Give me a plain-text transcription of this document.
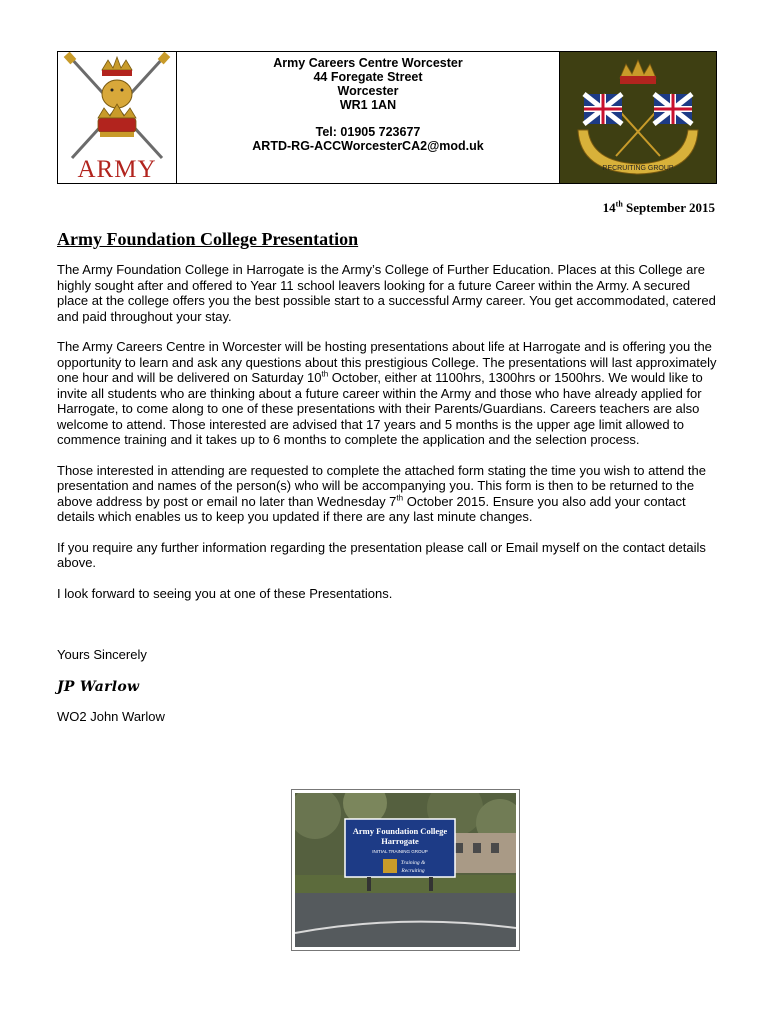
ARMY
Army Careers Centre Worcester
44 Foregate Street
Worcester
WR1 1AN
Tel: 01905 723677
ARTD-RG-ACCWorcesterCA2@mod.uk
RECRUITING GROUP
14th September 2015
Army Foundation College Presentation

The Army Foundation College in Harrogate is the Army’s College of Further Education. Places at this College are highly sought after and offered to Year 11 school leavers looking for a future Career within the Army. A secured place at the college offers you the best possible start to a successful Army career. You get accommodated, catered and paid throughout your stay.

The Army Careers Centre in Worcester will be hosting presentations about life at Harrogate and is offering you the opportunity to learn and ask any questions about this prestigious College. The presentations will last approximately one hour and will be delivered on Saturday 10th October, either at 1100hrs, 1300hrs or 1500hrs. We would like to invite all students who are thinking about a future career within the Army and those who have already applied for Harrogate, to come along to one of these presentations with their Parents/Guardians. Careers teachers are also welcome to attend. Those interested are advised that 17 years and 5 months is the upper age limit allowed to commence training and it takes up to 6 months to complete the application and the selection process.

Those interested in attending are requested to complete the attached form stating the time you wish to attend the presentation and names of the person(s) who will be accompanying you. This form is then to be returned to the above address by post or email no later than Wednesday 7th October 2015. Ensure you also add your contact details which enables us to keep you updated if there are any last minute changes.

If you require any further information regarding the presentation please call or Email myself on the contact details above.

I look forward to seeing you at one of these Presentations.

Yours Sincerely

JP Warlow

WO2 John Warlow

Army Foundation College
Harrogate
INITIAL TRAINING GROUP
Training &
Recruiting
